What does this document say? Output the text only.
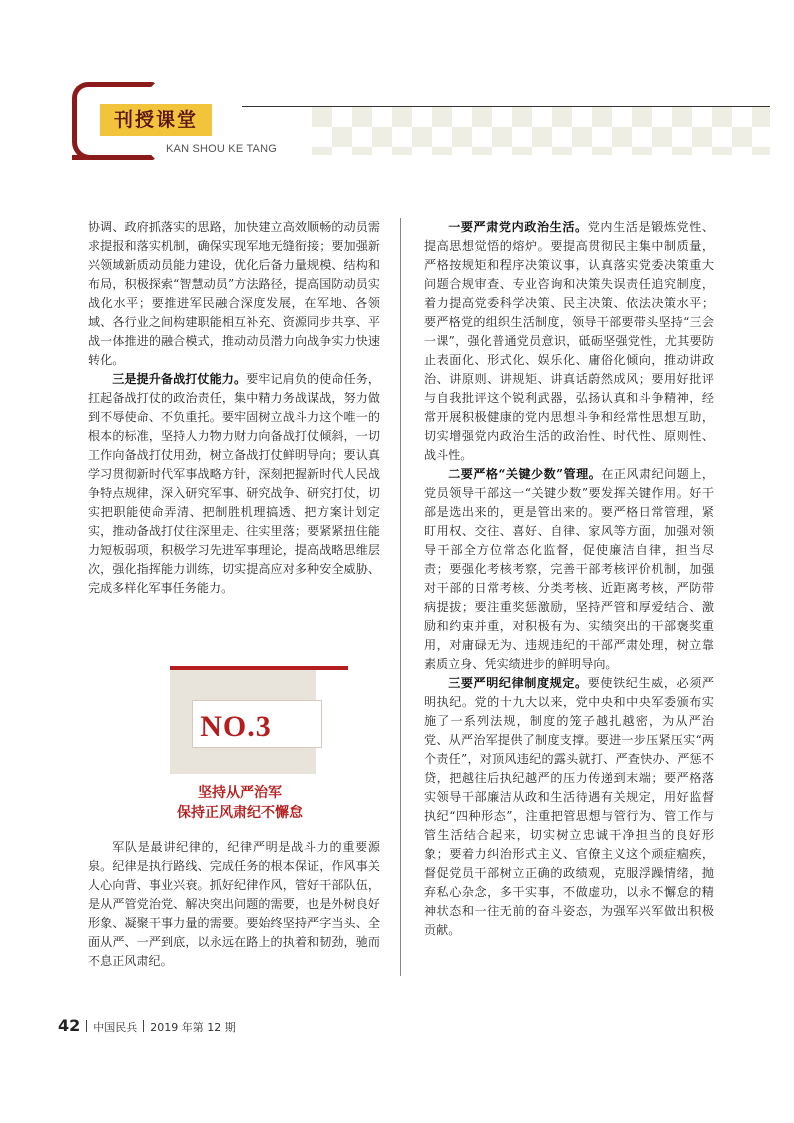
刊授课堂
KAN SHOU KE TANG

协调、政府抓落实的思路，加快建立高效顺畅的动员需求提报和落实机制，确保实现军地无缝衔接；要加强新兴领域新质动员能力建设，优化后备力量规模、结构和布局，积极探索“智慧动员”方法路径，提高国防动员实战化水平；要推进军民融合深度发展，在军地、各领域、各行业之间构建职能相互补充、资源同步共享、平战一体推进的融合模式，推动动员潜力向战争实力快速转化。

三是提升备战打仗能力。要牢记肩负的使命任务，扛起备战打仗的政治责任，集中精力务战谋战，努力做到不辱使命、不负重托。要牢固树立战斗力这个唯一的根本的标准，坚持人力物力财力向备战打仗倾斜，一切工作向备战打仗用劲，树立备战打仗鲜明导向；要认真学习贯彻新时代军事战略方针，深刻把握新时代人民战争特点规律，深入研究军事、研究战争、研究打仗，切实把职能使命弄清、把制胜机理搞透、把方案计划定实，推动备战打仗往深里走、往实里落；要紧紧扭住能力短板弱项，积极学习先进军事理论，提高战略思维层次，强化指挥能力训练，切实提高应对多种安全威胁、完成多样化军事任务能力。

NO.3
坚持从严治军
保持正风肃纪不懈怠

军队是最讲纪律的，纪律严明是战斗力的重要源泉。纪律是执行路线、完成任务的根本保证，作风事关人心向背、事业兴衰。抓好纪律作风，管好干部队伍，是从严管党治党、解决突出问题的需要，也是外树良好形象、凝聚干事力量的需要。要始终坚持严字当头、全面从严、一严到底，以永远在路上的执着和韧劲，驰而不息正风肃纪。

一要严肃党内政治生活。党内生活是锻炼党性、提高思想觉悟的熔炉。要提高贯彻民主集中制质量，严格按规矩和程序决策议事，认真落实党委决策重大问题合规审查、专业咨询和决策失误责任追究制度，着力提高党委科学决策、民主决策、依法决策水平；要严格党的组织生活制度，领导干部要带头坚持“三会一课”，强化普通党员意识，砥砺坚强党性，尤其要防止表面化、形式化、娱乐化、庸俗化倾向，推动讲政治、讲原则、讲规矩、讲真话蔚然成风；要用好批评与自我批评这个锐利武器，弘扬认真和斗争精神，经常开展积极健康的党内思想斗争和经常性思想互助，切实增强党内政治生活的政治性、时代性、原则性、战斗性。

二要严格“关键少数”管理。在正风肃纪问题上，党员领导干部这一“关键少数”要发挥关键作用。好干部是选出来的，更是管出来的。要严格日常管理，紧盯用权、交往、喜好、自律、家风等方面，加强对领导干部全方位常态化监督，促使廉洁自律，担当尽责；要强化考核考察，完善干部考核评价机制，加强对干部的日常考核、分类考核、近距离考核，严防带病提拔；要注重奖惩激励，坚持严管和厚爱结合、激励和约束并重，对积极有为、实绩突出的干部褒奖重用，对庸碌无为、违规违纪的干部严肃处理，树立靠素质立身、凭实绩进步的鲜明导向。

三要严明纪律制度规定。要使铁纪生威，必须严明执纪。党的十九大以来，党中央和中央军委颁布实施了一系列法规，制度的笼子越扎越密，为从严治党、从严治军提供了制度支撑。要进一步压紧压实“两个责任”，对顶风违纪的露头就打、严查快办、严惩不贷，把越往后执纪越严的压力传递到末端；要严格落实领导干部廉洁从政和生活待遇有关规定，用好监督执纪“四种形态”，注重把管思想与管行为、管工作与管生活结合起来，切实树立忠诚干净担当的良好形象；要着力纠治形式主义、官僚主义这个顽症痼疾，督促党员干部树立正确的政绩观，克服浮躁情绪，抛弃私心杂念，多干实事，不做虚功，以永不懈怠的精神状态和一往无前的奋斗姿态，为强军兴军做出积极贡献。

42 中国民兵 2019 年第 12 期
